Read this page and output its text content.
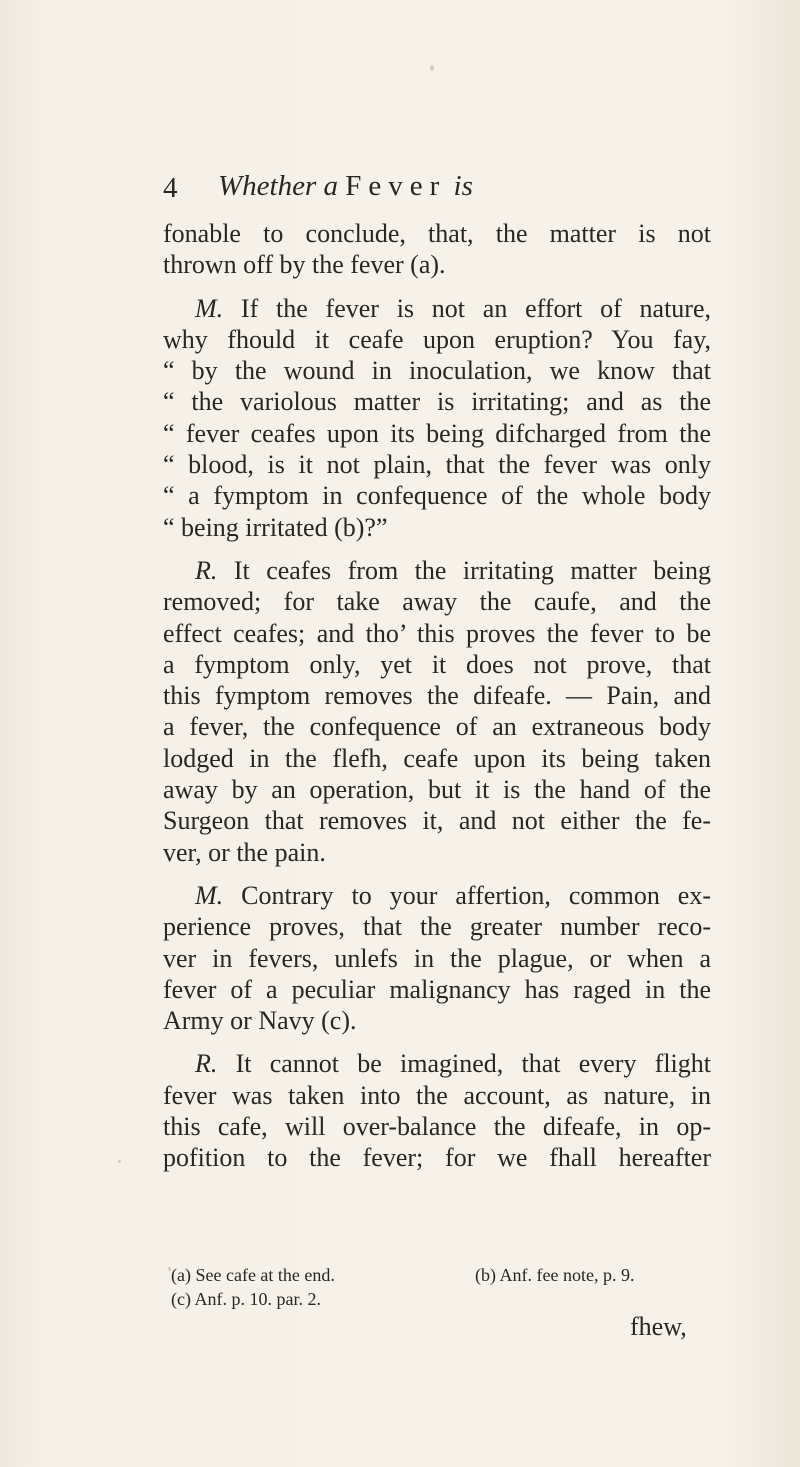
4 Whether a Fever is
fonable to conclude, that, the matter is not
thrown off by the fever (a).
M. If the fever is not an effort of nature,
why fhould it ceafe upon eruption? You fay,
“ by the wound in inoculation, we know that
“ the variolous matter is irritating; and as the
“ fever ceafes upon its being difcharged from the
“ blood, is it not plain, that the fever was only
“ a fymptom in confequence of the whole body
“ being irritated (b)?”
R. It ceafes from the irritating matter being
removed; for take away the caufe, and the
effect ceafes; and tho’ this proves the fever to be
a fymptom only, yet it does not prove, that
this fymptom removes the difeafe. — Pain, and
a fever, the confequence of an extraneous body
lodged in the flefh, ceafe upon its being taken
away by an operation, but it is the hand of the
Surgeon that removes it, and not either the fe-
ver, or the pain.
M. Contrary to your affertion, common ex-
perience proves, that the greater number reco-
ver in fevers, unlefs in the plague, or when a
fever of a peculiar malignancy has raged in the
Army or Navy (c).
R. It cannot be imagined, that every flight
fever was taken into the account, as nature, in
this cafe, will over-balance the difeafe, in op-
pofition to the fever; for we fhall hereafter
(a) See cafe at the end.	(b) Anf. fee note, p. 9.
(c) Anf. p. 10. par. 2.
fhew,
